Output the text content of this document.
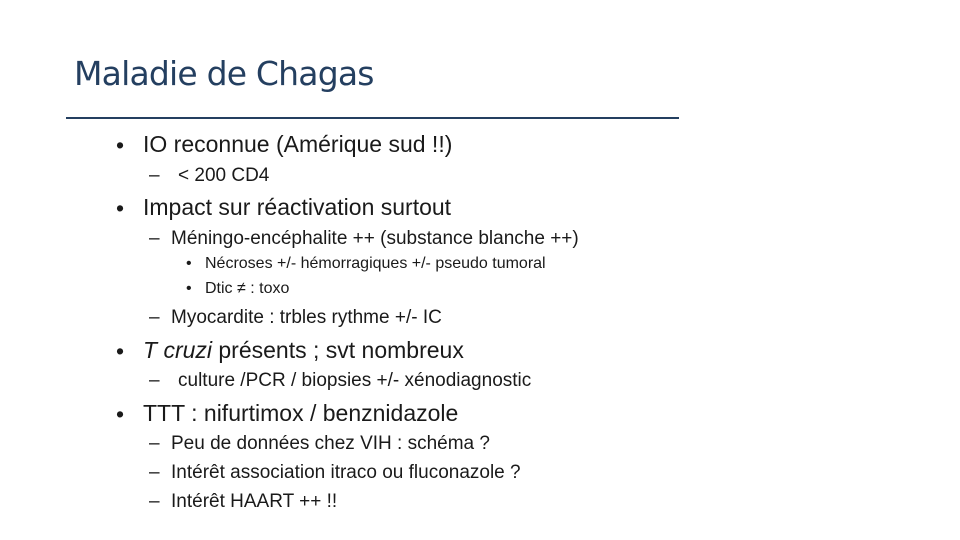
Maladie de Chagas
• IO reconnue (Amérique sud !!)
– < 200 CD4
• Impact sur réactivation surtout
– Méningo-encéphalite ++ (substance blanche ++)
• Nécroses +/- hémorragiques +/- pseudo tumoral
• Dtic ≠ : toxo
– Myocardite : trbles rythme +/- IC
• T cruzi présents ; svt nombreux
– culture /PCR / biopsies +/- xénodiagnostic
• TTT : nifurtimox / benznidazole
– Peu de données chez VIH : schéma ?
– Intérêt association itraco ou fluconazole ?
– Intérêt HAART ++ !!
